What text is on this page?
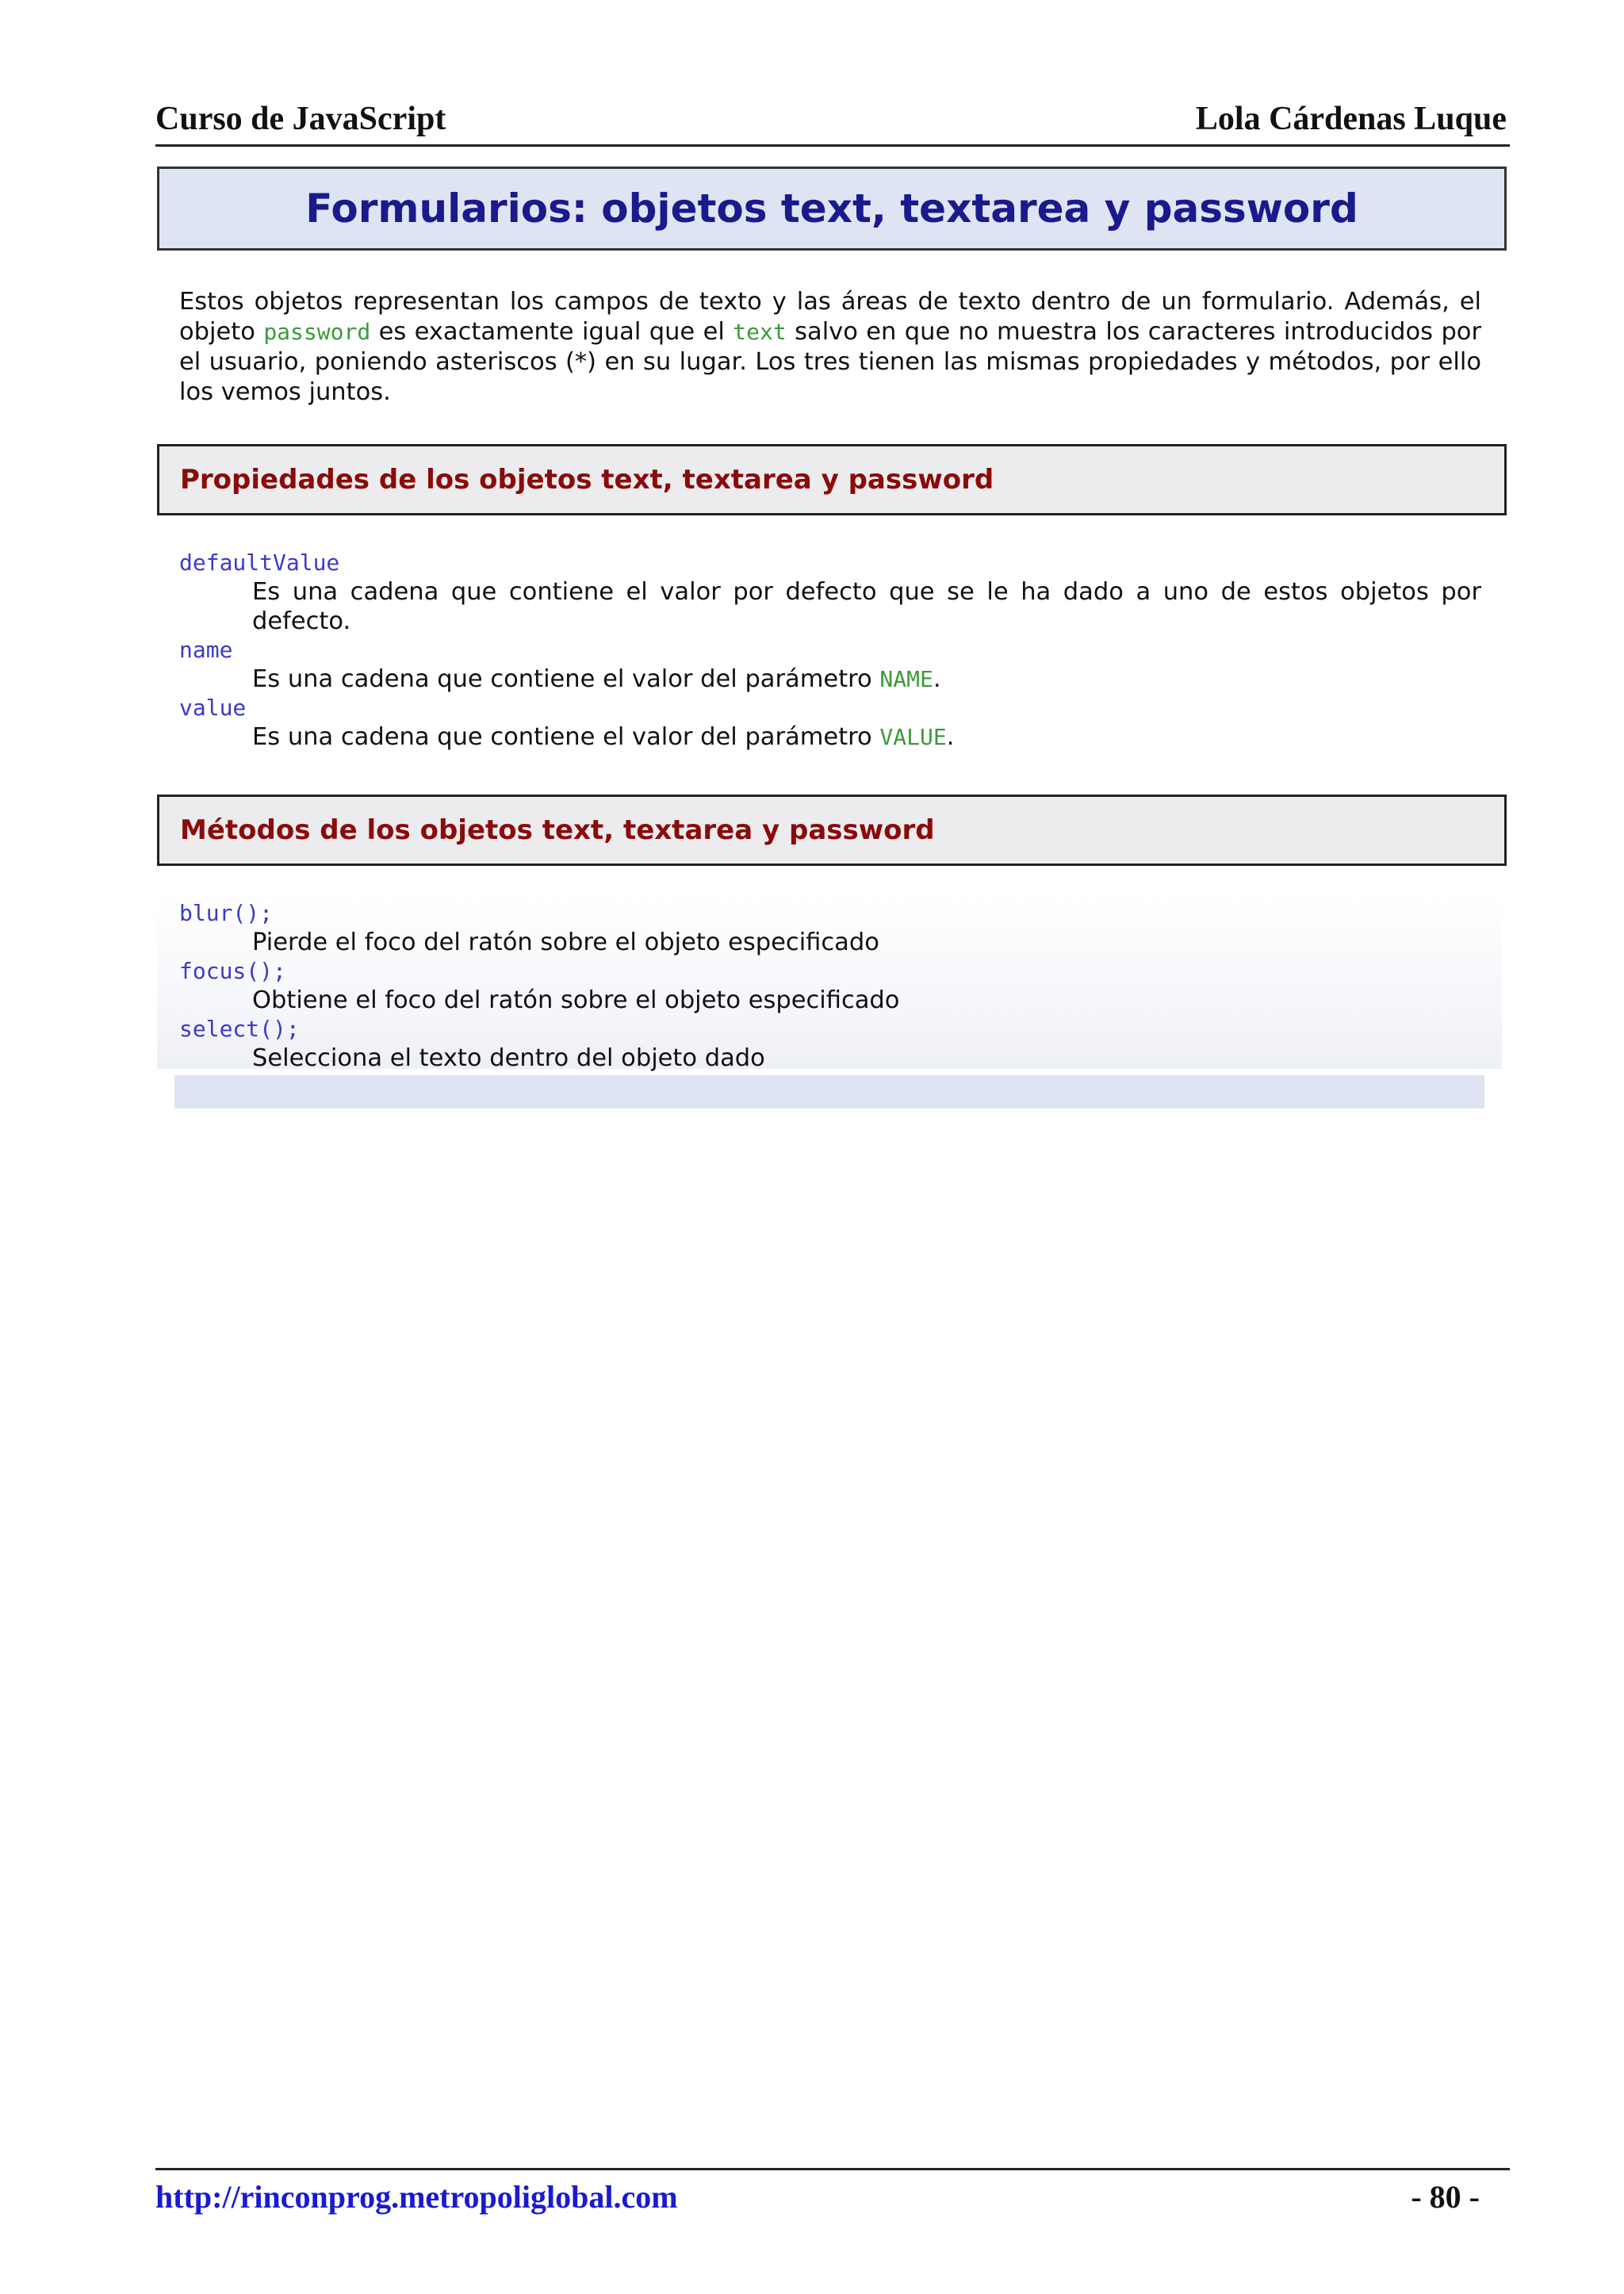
Curso de JavaScript	Lola Cárdenas Luque
Formularios: objetos text, textarea y password
Estos objetos representan los campos de texto y las áreas de texto dentro de un formulario. Además, el objeto password es exactamente igual que el text salvo en que no muestra los caracteres introducidos por el usuario, poniendo asteriscos (*) en su lugar. Los tres tienen las mismas propiedades y métodos, por ello los vemos juntos.
Propiedades de los objetos text, textarea y password
defaultValue
Es una cadena que contiene el valor por defecto que se le ha dado a uno de estos objetos por defecto.
name
Es una cadena que contiene el valor del parámetro NAME.
value
Es una cadena que contiene el valor del parámetro VALUE.
Métodos de los objetos text, textarea y password
blur();
Pierde el foco del ratón sobre el objeto especificado
focus();
Obtiene el foco del ratón sobre el objeto especificado
select();
Selecciona el texto dentro del objeto dado
http://rinconprog.metropoliglobal.com	- 80 -
